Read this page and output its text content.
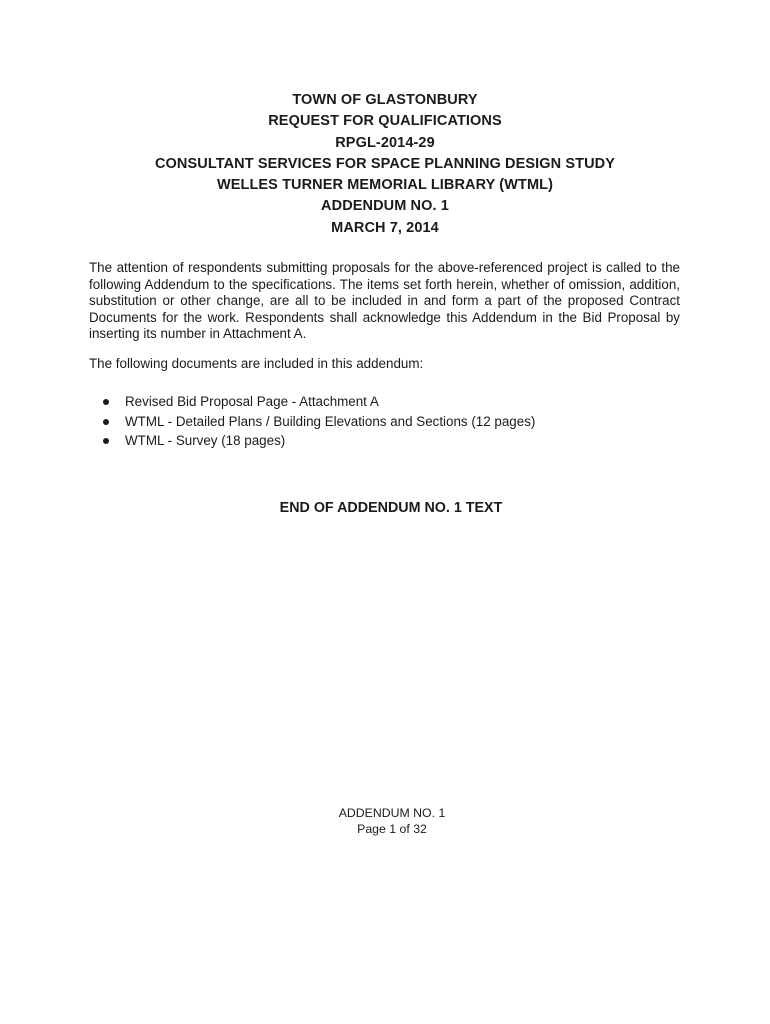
TOWN OF GLASTONBURY
REQUEST FOR QUALIFICATIONS
RPGL-2014-29
CONSULTANT SERVICES FOR SPACE PLANNING DESIGN STUDY
WELLES TURNER MEMORIAL LIBRARY (WTML)
ADDENDUM NO. 1
MARCH 7, 2014

The attention of respondents submitting proposals for the above-referenced project is called to the following Addendum to the specifications. The items set forth herein, whether of omission, addition, substitution or other change, are all to be included in and form a part of the proposed Contract Documents for the work. Respondents shall acknowledge this Addendum in the Bid Proposal by inserting its number in Attachment A.

The following documents are included in this addendum:

Revised Bid Proposal Page - Attachment A
WTML - Detailed Plans / Building Elevations and Sections (12 pages)
WTML - Survey (18 pages)
END OF ADDENDUM NO. 1 TEXT
ADDENDUM NO. 1
Page 1 of 32
